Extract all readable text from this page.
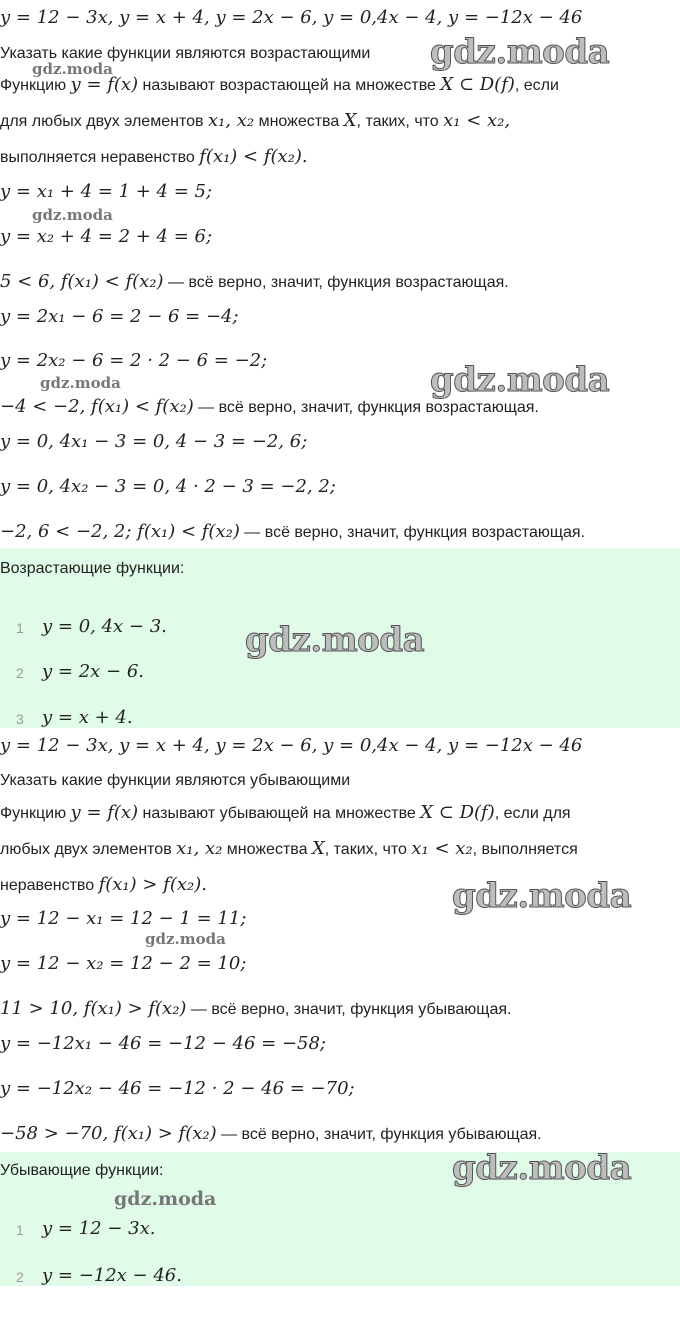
y = 12 − 3x, y = x + 4, y = 2x − 6, y = 0,4x − 4, y = −12x − 46
Указать какие функции являются возрастающими
Функцию y = f(x) называют возрастающей на множестве X ⊂ D(f), если
для любых двух элементов x₁, x₂ множества X, таких, что x₁ < x₂,
выполняется неравенство f(x₁) < f(x₂).
y = x₁ + 4 = 1 + 4 = 5;
y = x₂ + 4 = 2 + 4 = 6;
5 < 6, f(x₁) < f(x₂) — всё верно, значит, функция возрастающая.
y = 2x₁ − 6 = 2 − 6 = −4;
y = 2x₂ − 6 = 2 · 2 − 6 = −2;
−4 < −2, f(x₁) < f(x₂) — всё верно, значит, функция возрастающая.
y = 0, 4x₁ − 3 = 0, 4 − 3 = −2, 6;
y = 0, 4x₂ − 3 = 0, 4 · 2 − 3 = −2, 2;
−2, 6 < −2, 2; f(x₁) < f(x₂) — всё верно, значит, функция возрастающая.
Возрастающие функции:
1 y = 0, 4x − 3.
2 y = 2x − 6.
3 y = x + 4.
y = 12 − 3x, y = x + 4, y = 2x − 6, y = 0,4x − 4, y = −12x − 46
Указать какие функции являются убывающими
Функцию y = f(x) называют убывающей на множестве X ⊂ D(f), если для
любых двух элементов x₁, x₂ множества X, таких, что x₁ < x₂, выполняется
неравенство f(x₁) > f(x₂).
y = 12 − x₁ = 12 − 1 = 11;
y = 12 − x₂ = 12 − 2 = 10;
11 > 10, f(x₁) > f(x₂) — всё верно, значит, функция убывающая.
y = −12x₁ − 46 = −12 − 46 = −58;
y = −12x₂ − 46 = −12 · 2 − 46 = −70;
−58 > −70, f(x₁) > f(x₂) — всё верно, значит, функция убывающая.
Убывающие функции:
1 y = 12 − 3x.
2 y = −12x − 46.
gdz.moda
gdz.moda
gdz.moda
gdz.moda	gdz.moda
gdz.moda
gdz.moda
gdz.moda
gdz.moda
gdz.moda
